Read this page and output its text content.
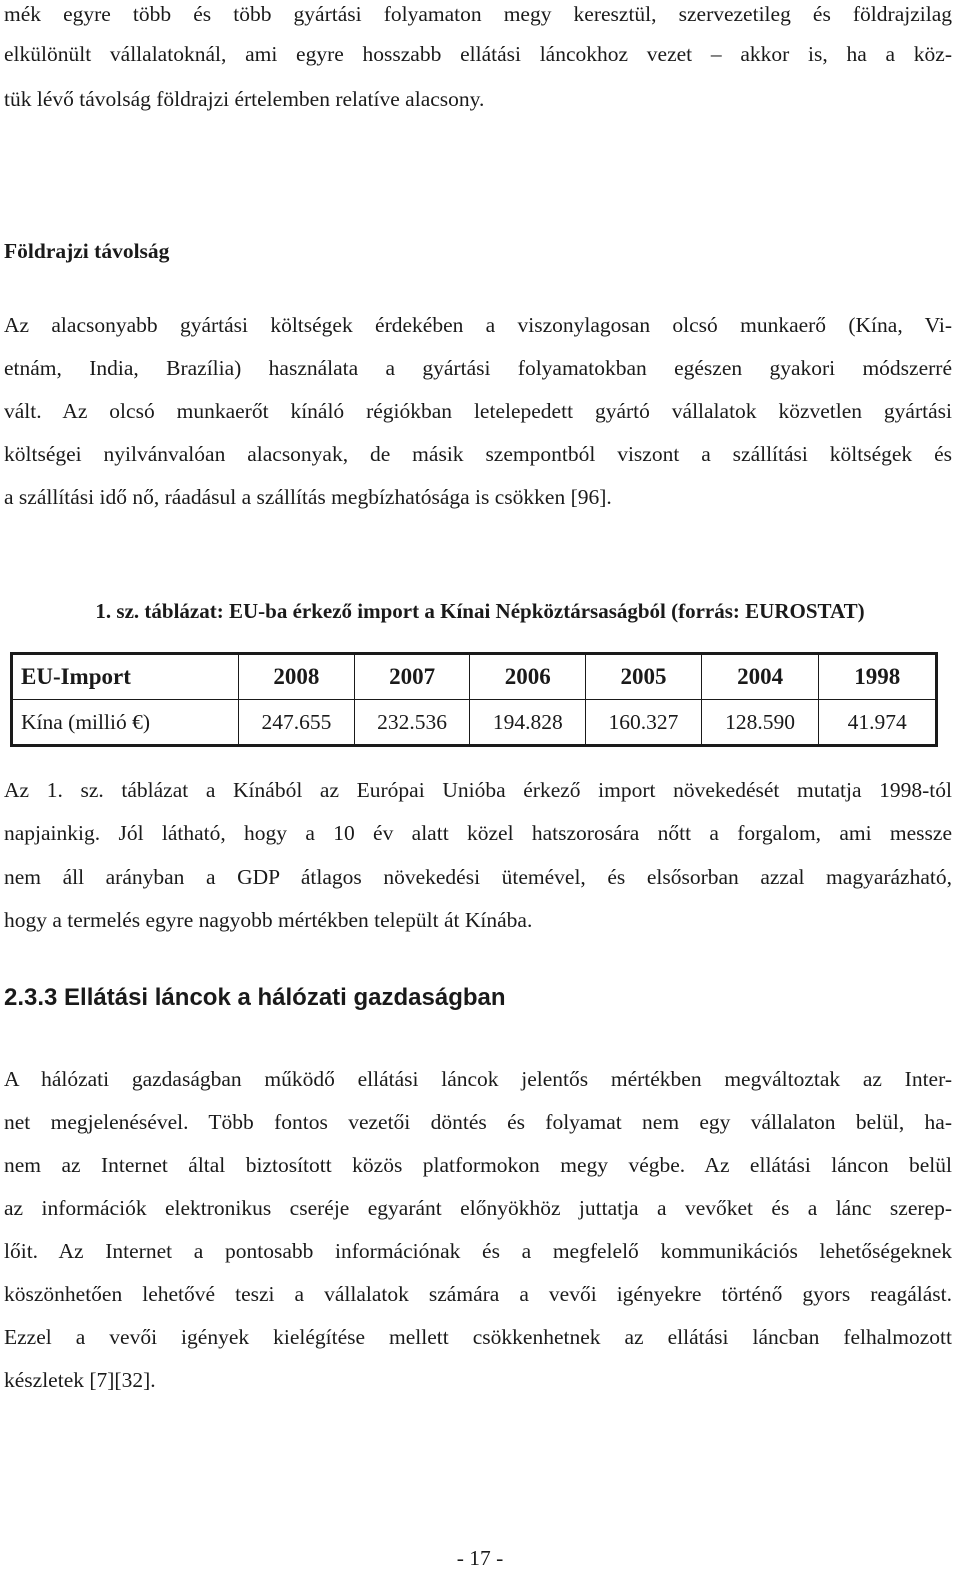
mék egyre több és több gyártási folyamaton megy keresztül, szervezetileg és földrajzilag
elkülönült vállalatoknál, ami egyre hosszabb ellátási láncokhoz vezet – akkor is, ha a köz-
tük lévő távolság földrajzi értelemben relatíve alacsony.
Földrajzi távolság
Az alacsonyabb gyártási költségek érdekében a viszonylagosan olcsó munkaerő (Kína, Vi-
etnám, India, Brazília) használata a gyártási folyamatokban egészen gyakori módszerré
vált. Az olcsó munkaerőt kínáló régiókban letelepedett gyártó vállalatok közvetlen gyártási
költségei nyilvánvalóan alacsonyak, de másik szempontból viszont a szállítási költségek és
a szállítási idő nő, ráadásul a szállítás megbízhatósága is csökken [96].
1. sz. táblázat: EU-ba érkező import a Kínai Népköztársaságból (forrás: EUROSTAT)
EU-Import	2008	2007	2006	2005	2004	1998
Kína (millió €)	247.655	232.536	194.828	160.327	128.590	41.974
Az 1. sz. táblázat a Kínából az Európai Unióba érkező import növekedését mutatja 1998-tól
napjainkig. Jól látható, hogy a 10 év alatt közel hatszorosára nőtt a forgalom, ami messze
nem áll arányban a GDP átlagos növekedési ütemével, és elsősorban azzal magyarázható,
hogy a termelés egyre nagyobb mértékben települt át Kínába.
2.3.3 Ellátási láncok a hálózati gazdaságban
A hálózati gazdaságban működő ellátási láncok jelentős mértékben megváltoztak az Inter-
net megjelenésével. Több fontos vezetői döntés és folyamat nem egy vállalaton belül, ha-
nem az Internet által biztosított közös platformokon megy végbe. Az ellátási láncon belül
az információk elektronikus cseréje egyaránt előnyökhöz juttatja a vevőket és a lánc szerep-
lőit. Az Internet a pontosabb információnak és a megfelelő kommunikációs lehetőségeknek
köszönhetően lehetővé teszi a vállalatok számára a vevői igényekre történő gyors reagálást.
Ezzel a vevői igények kielégítése mellett csökkenhetnek az ellátási láncban felhalmozott
készletek [7][32].
- 17 -
